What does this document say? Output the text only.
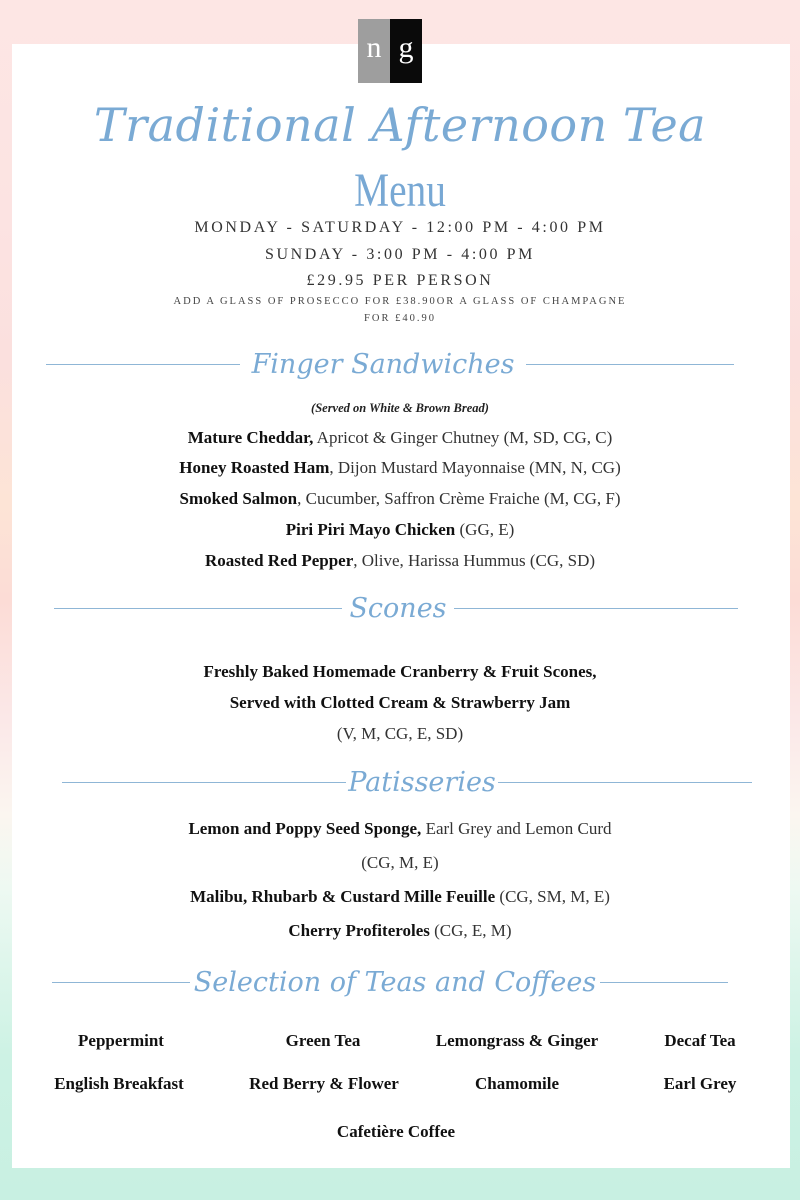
n g
Traditional Afternoon Tea
Menu
MONDAY - SATURDAY - 12:00 PM - 4:00 PM
SUNDAY - 3:00 PM - 4:00 PM
£29.95 PER PERSON
ADD A GLASS OF PROSECCO FOR £38.90OR A GLASS OF CHAMPAGNE FOR £40.90
Finger Sandwiches
(Served on White & Brown Bread)
Mature Cheddar, Apricot & Ginger Chutney (M, SD, CG, C)
Honey Roasted Ham, Dijon Mustard Mayonnaise (MN, N, CG)
Smoked Salmon, Cucumber, Saffron Crème Fraiche (M, CG, F)
Piri Piri Mayo Chicken (GG, E)
Roasted Red Pepper, Olive, Harissa Hummus (CG, SD)
Scones
Freshly Baked Homemade Cranberry & Fruit Scones,
Served with Clotted Cream & Strawberry Jam
(V, M, CG, E, SD)
Patisseries
Lemon and Poppy Seed Sponge, Earl Grey and Lemon Curd
(CG, M, E)
Malibu, Rhubarb & Custard Mille Feuille (CG, SM, M, E)
Cherry Profiteroles (CG, E, M)
Selection of Teas and Coffees
Peppermint	Green Tea	Lemongrass & Ginger	Decaf Tea
English Breakfast	Red Berry & Flower	Chamomile	Earl Grey
Cafetière Coffee
